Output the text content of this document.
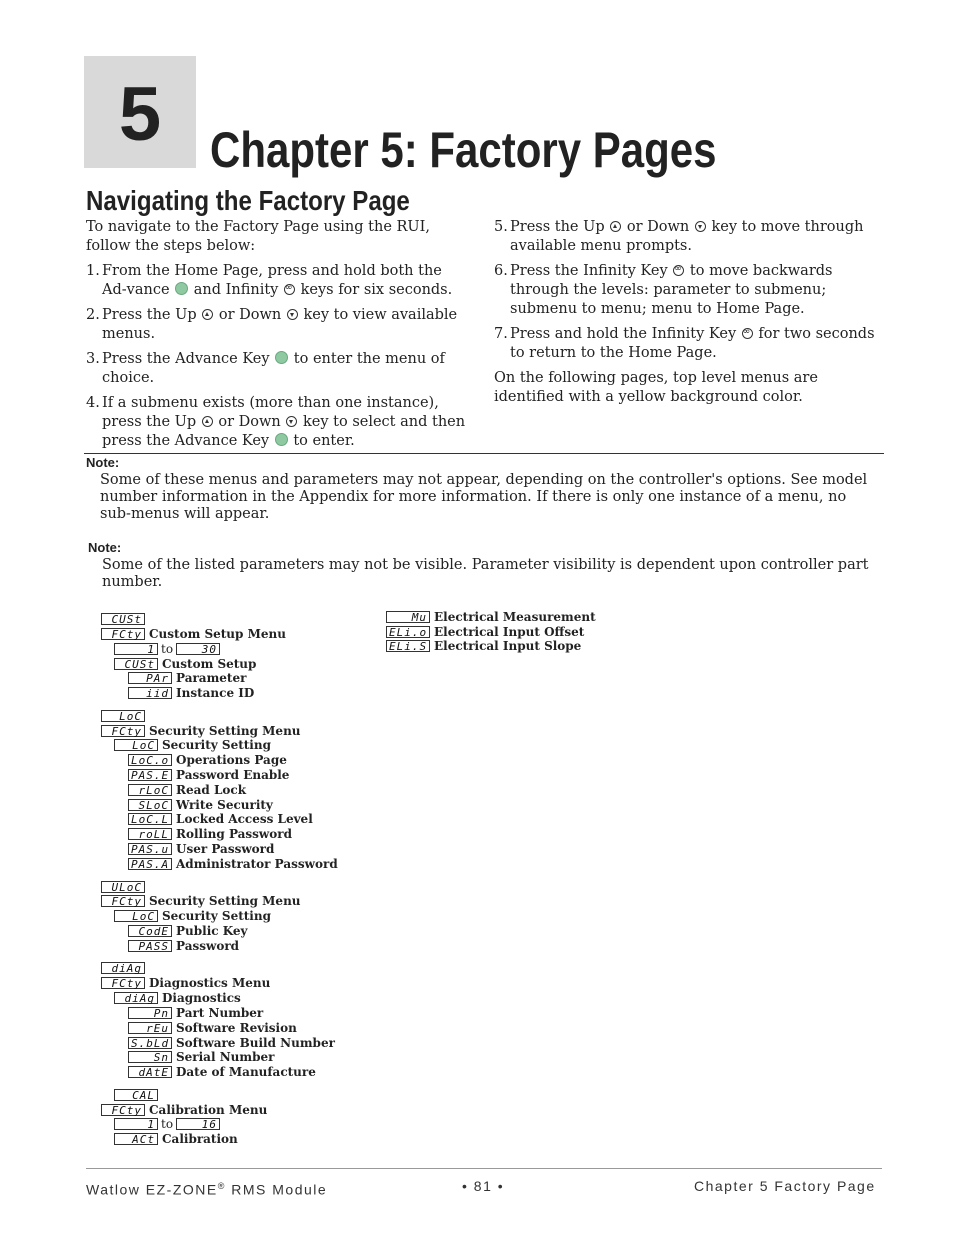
5 Chapter 5: Factory Pages
Navigating the Factory Page

To navigate to the Factory Page using the RUI, follow the steps below:

1. From the Home Page, press and hold both the Ad-vance and Infinity ∞ keys for six seconds.
2. Press the Up or Down key to view available menus.
3. Press the Advance Key to enter the menu of choice.
4. If a submenu exists (more than one instance), press the Up or Down key to select and then press the Advance Key to enter.
5. Press the Up or Down key to move through available menu prompts.
6. Press the Infinity Key ∞ to move backwards through the levels: parameter to submenu; submenu to menu; menu to Home Page.
7. Press and hold the Infinity Key ∞ for two seconds to return to the Home Page.

On the following pages, top level menus are identified with a yellow background color.

Note:
Some of these menus and parameters may not appear, depending on the controller's options. See model number information in the Appendix for more information. If there is only one instance of a menu, no sub-menus will appear.
Note:
Some of the listed parameters may not be visible. Parameter visibility is dependent upon controller part number.
CUSt
FCty Custom Setup Menu
1 to	30
CUSt Custom Setup
PAr Parameter
iid Instance ID
LoC
FCty Security Setting Menu
LoC Security Setting
LoC.o Operations Page
PAS.E Password Enable
rLoC Read Lock
SLoC Write Security
LoC.L Locked Access Level
roLL Rolling Password
PAS.u User Password
PAS.A Administrator Password
ULoC
FCty Security Setting Menu
LoC Security Setting
CodE Public Key
PASS Password
diAg
FCty Diagnostics Menu
diAg Diagnostics
Pn Part Number
rEu Software Revision
S.bLd Software Build Number
Sn Serial Number
dAtE Date of Manufacture
CAL
FCty Calibration Menu
1 to	16
ACt Calibration
Mu Electrical Measurement
ELi.o Electrical Input Offset
ELi.S Electrical Input Slope
Watlow EZ-ZONE® RMS Module	• 81 •	Chapter 5 Factory Page
